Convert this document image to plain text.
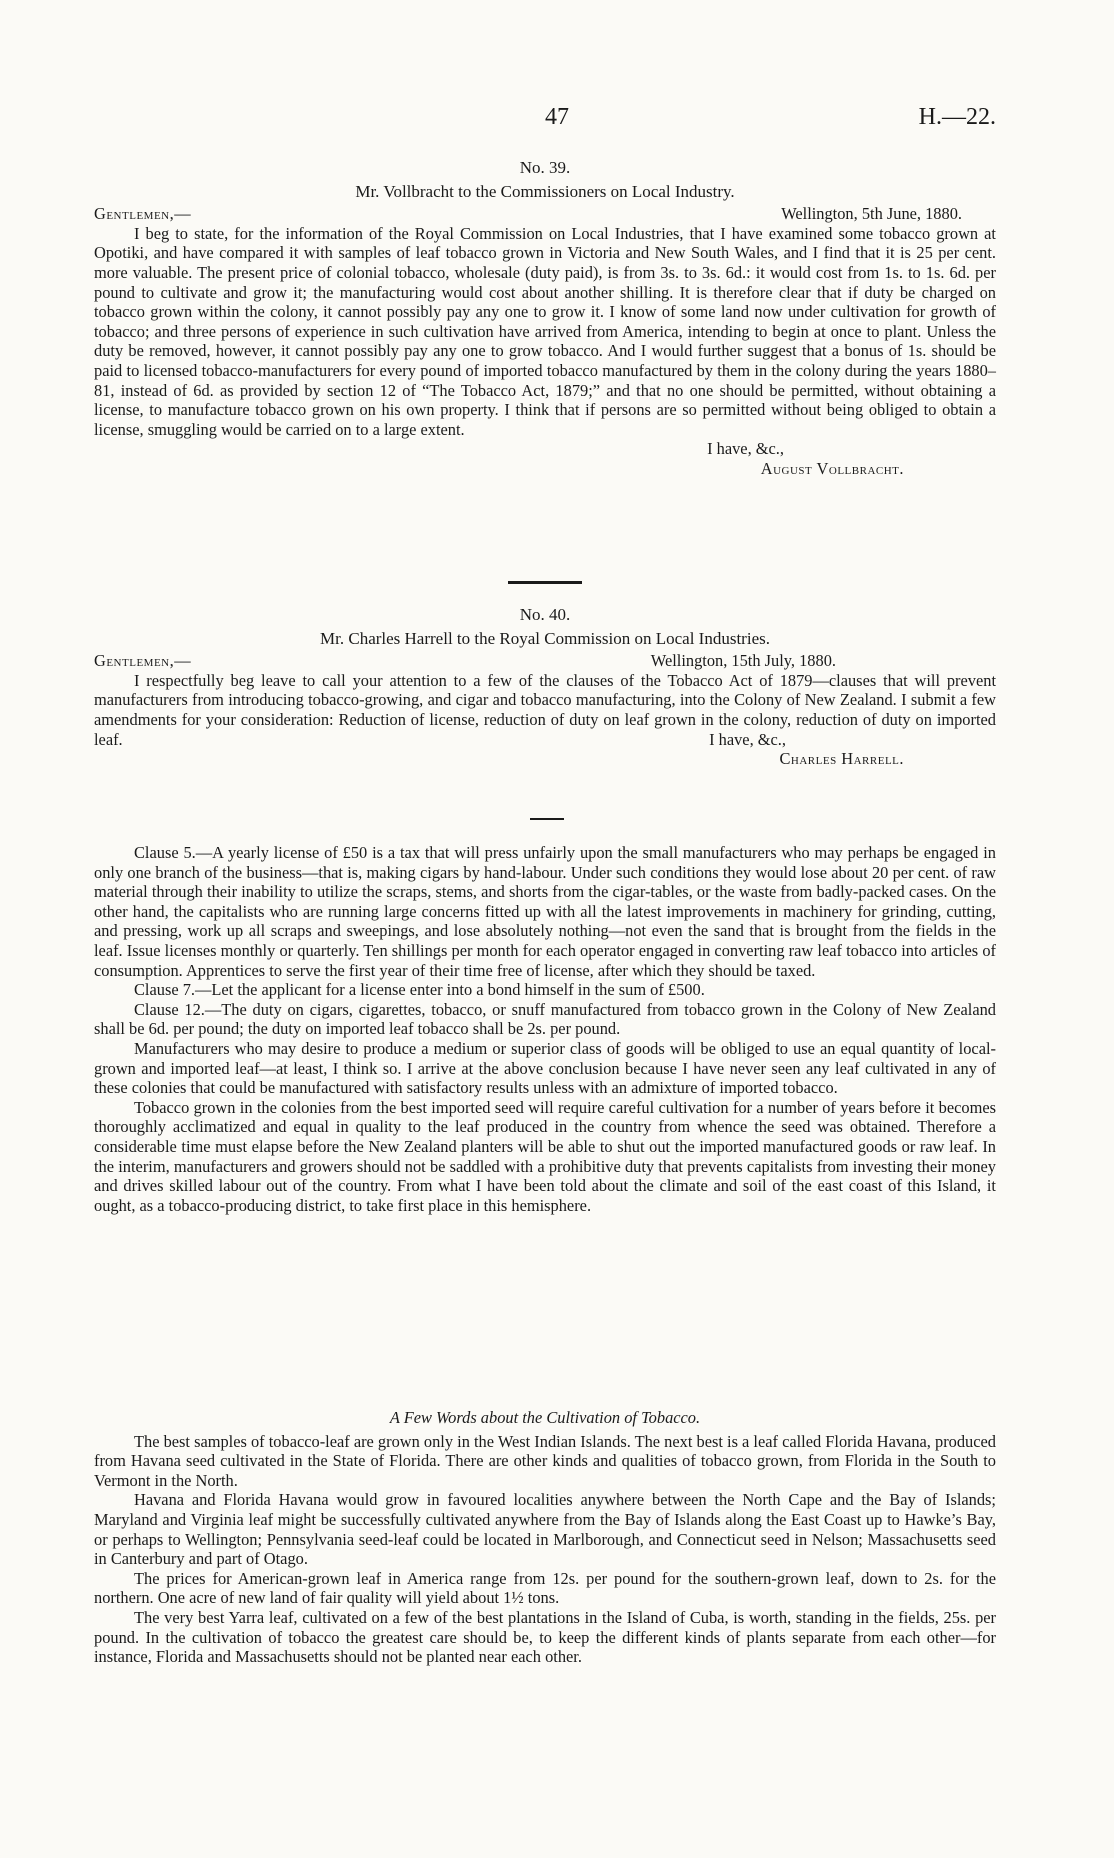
47	H.—22.
No. 39.
Mr. Vollbracht to the Commissioners on Local Industry.
Gentlemen,—	Wellington, 5th June, 1880.

I beg to state, for the information of the Royal Commission on Local Industries, that I have examined some tobacco grown at Opotiki, and have compared it with samples of leaf tobacco grown in Victoria and New South Wales, and I find that it is 25 per cent. more valuable. The present price of colonial tobacco, wholesale (duty paid), is from 3s. to 3s. 6d.: it would cost from 1s. to 1s. 6d. per pound to cultivate and grow it; the manufacturing would cost about another shilling. It is therefore clear that if duty be charged on tobacco grown within the colony, it cannot possibly pay any one to grow it. I know of some land now under cultivation for growth of tobacco; and three persons of experience in such cultivation have arrived from America, intending to begin at once to plant. Unless the duty be removed, however, it cannot possibly pay any one to grow tobacco. And I would further suggest that a bonus of 1s. should be paid to licensed tobacco-manufacturers for every pound of imported tobacco manufactured by them in the colony during the years 1880–81, instead of 6d. as provided by section 12 of “The Tobacco Act, 1879;” and that no one should be permitted, without obtaining a license, to manufacture tobacco grown on his own property. I think that if persons are so permitted without being obliged to obtain a license, smuggling would be carried on to a large extent.

I have, &c.,
August Vollbracht.
No. 40.
Mr. Charles Harrell to the Royal Commission on Local Industries.
Gentlemen,—	Wellington, 15th July, 1880.

I respectfully beg leave to call your attention to a few of the clauses of the Tobacco Act of 1879—clauses that will prevent manufacturers from introducing tobacco-growing, and cigar and tobacco manufacturing, into the Colony of New Zealand. I submit a few amendments for your consideration: Reduction of license, reduction of duty on leaf grown in the colony, reduction of duty on imported leaf.	I have, &c.,
Charles Harrell.

Clause 5.—A yearly license of £50 is a tax that will press unfairly upon the small manufacturers who may perhaps be engaged in only one branch of the business—that is, making cigars by hand-labour. Under such conditions they would lose about 20 per cent. of raw material through their inability to utilize the scraps, stems, and shorts from the cigar-tables, or the waste from badly-packed cases. On the other hand, the capitalists who are running large concerns fitted up with all the latest improvements in machinery for grinding, cutting, and pressing, work up all scraps and sweepings, and lose absolutely nothing—not even the sand that is brought from the fields in the leaf. Issue licenses monthly or quarterly. Ten shillings per month for each operator engaged in converting raw leaf tobacco into articles of consumption. Apprentices to serve the first year of their time free of license, after which they should be taxed.

Clause 7.—Let the applicant for a license enter into a bond himself in the sum of £500.

Clause 12.—The duty on cigars, cigarettes, tobacco, or snuff manufactured from tobacco grown in the Colony of New Zealand shall be 6d. per pound; the duty on imported leaf tobacco shall be 2s. per pound.

Manufacturers who may desire to produce a medium or superior class of goods will be obliged to use an equal quantity of local-grown and imported leaf—at least, I think so. I arrive at the above conclusion because I have never seen any leaf cultivated in any of these colonies that could be manufactured with satisfactory results unless with an admixture of imported tobacco.

Tobacco grown in the colonies from the best imported seed will require careful cultivation for a number of years before it becomes thoroughly acclimatized and equal in quality to the leaf produced in the country from whence the seed was obtained. Therefore a considerable time must elapse before the New Zealand planters will be able to shut out the imported manufactured goods or raw leaf. In the interim, manufacturers and growers should not be saddled with a prohibitive duty that prevents capitalists from investing their money and drives skilled labour out of the country. From what I have been told about the climate and soil of the east coast of this Island, it ought, as a tobacco-producing district, to take first place in this hemisphere.

A Few Words about the Cultivation of Tobacco.

The best samples of tobacco-leaf are grown only in the West Indian Islands. The next best is a leaf called Florida Havana, produced from Havana seed cultivated in the State of Florida. There are other kinds and qualities of tobacco grown, from Florida in the South to Vermont in the North.

Havana and Florida Havana would grow in favoured localities anywhere between the North Cape and the Bay of Islands; Maryland and Virginia leaf might be successfully cultivated anywhere from the Bay of Islands along the East Coast up to Hawke’s Bay, or perhaps to Wellington; Pennsylvania seed-leaf could be located in Marlborough, and Connecticut seed in Nelson; Massachusetts seed in Canterbury and part of Otago.

The prices for American-grown leaf in America range from 12s. per pound for the southern-grown leaf, down to 2s. for the northern. One acre of new land of fair quality will yield about 1½ tons.

The very best Yarra leaf, cultivated on a few of the best plantations in the Island of Cuba, is worth, standing in the fields, 25s. per pound. In the cultivation of tobacco the greatest care should be, to keep the different kinds of plants separate from each other—for instance, Florida and Massachusetts should not be planted near each other.
